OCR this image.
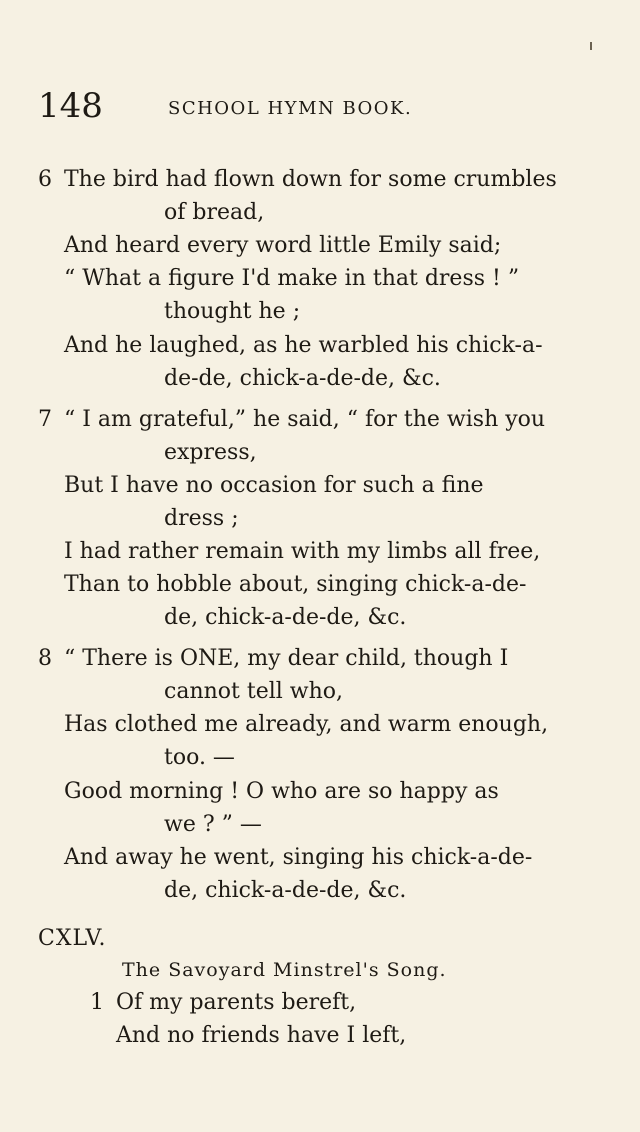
148	SCHOOL HYMN BOOK.
6 The bird had flown down for some crumbles
of bread,
And heard every word little Emily said;
“ What a figure I'd make in that dress ! ”
thought he ;
And he laughed, as he warbled his chick-a-
de-de, chick-a-de-de, &c.
7 “ I am grateful,” he said, “ for the wish you
express,
But I have no occasion for such a fine
dress ;
I had rather remain with my limbs all free,
Than to hobble about, singing chick-a-de-
de, chick-a-de-de, &c.
8 “ There is ONE, my dear child, though I
cannot tell who,
Has clothed me already, and warm enough,
too. —
Good morning ! O who are so happy as
we ? ” —
And away he went, singing his chick-a-de-
de, chick-a-de-de, &c.
CXLV.
The Savoyard Minstrel's Song.
1 Of my parents bereft,
And no friends have I left,
